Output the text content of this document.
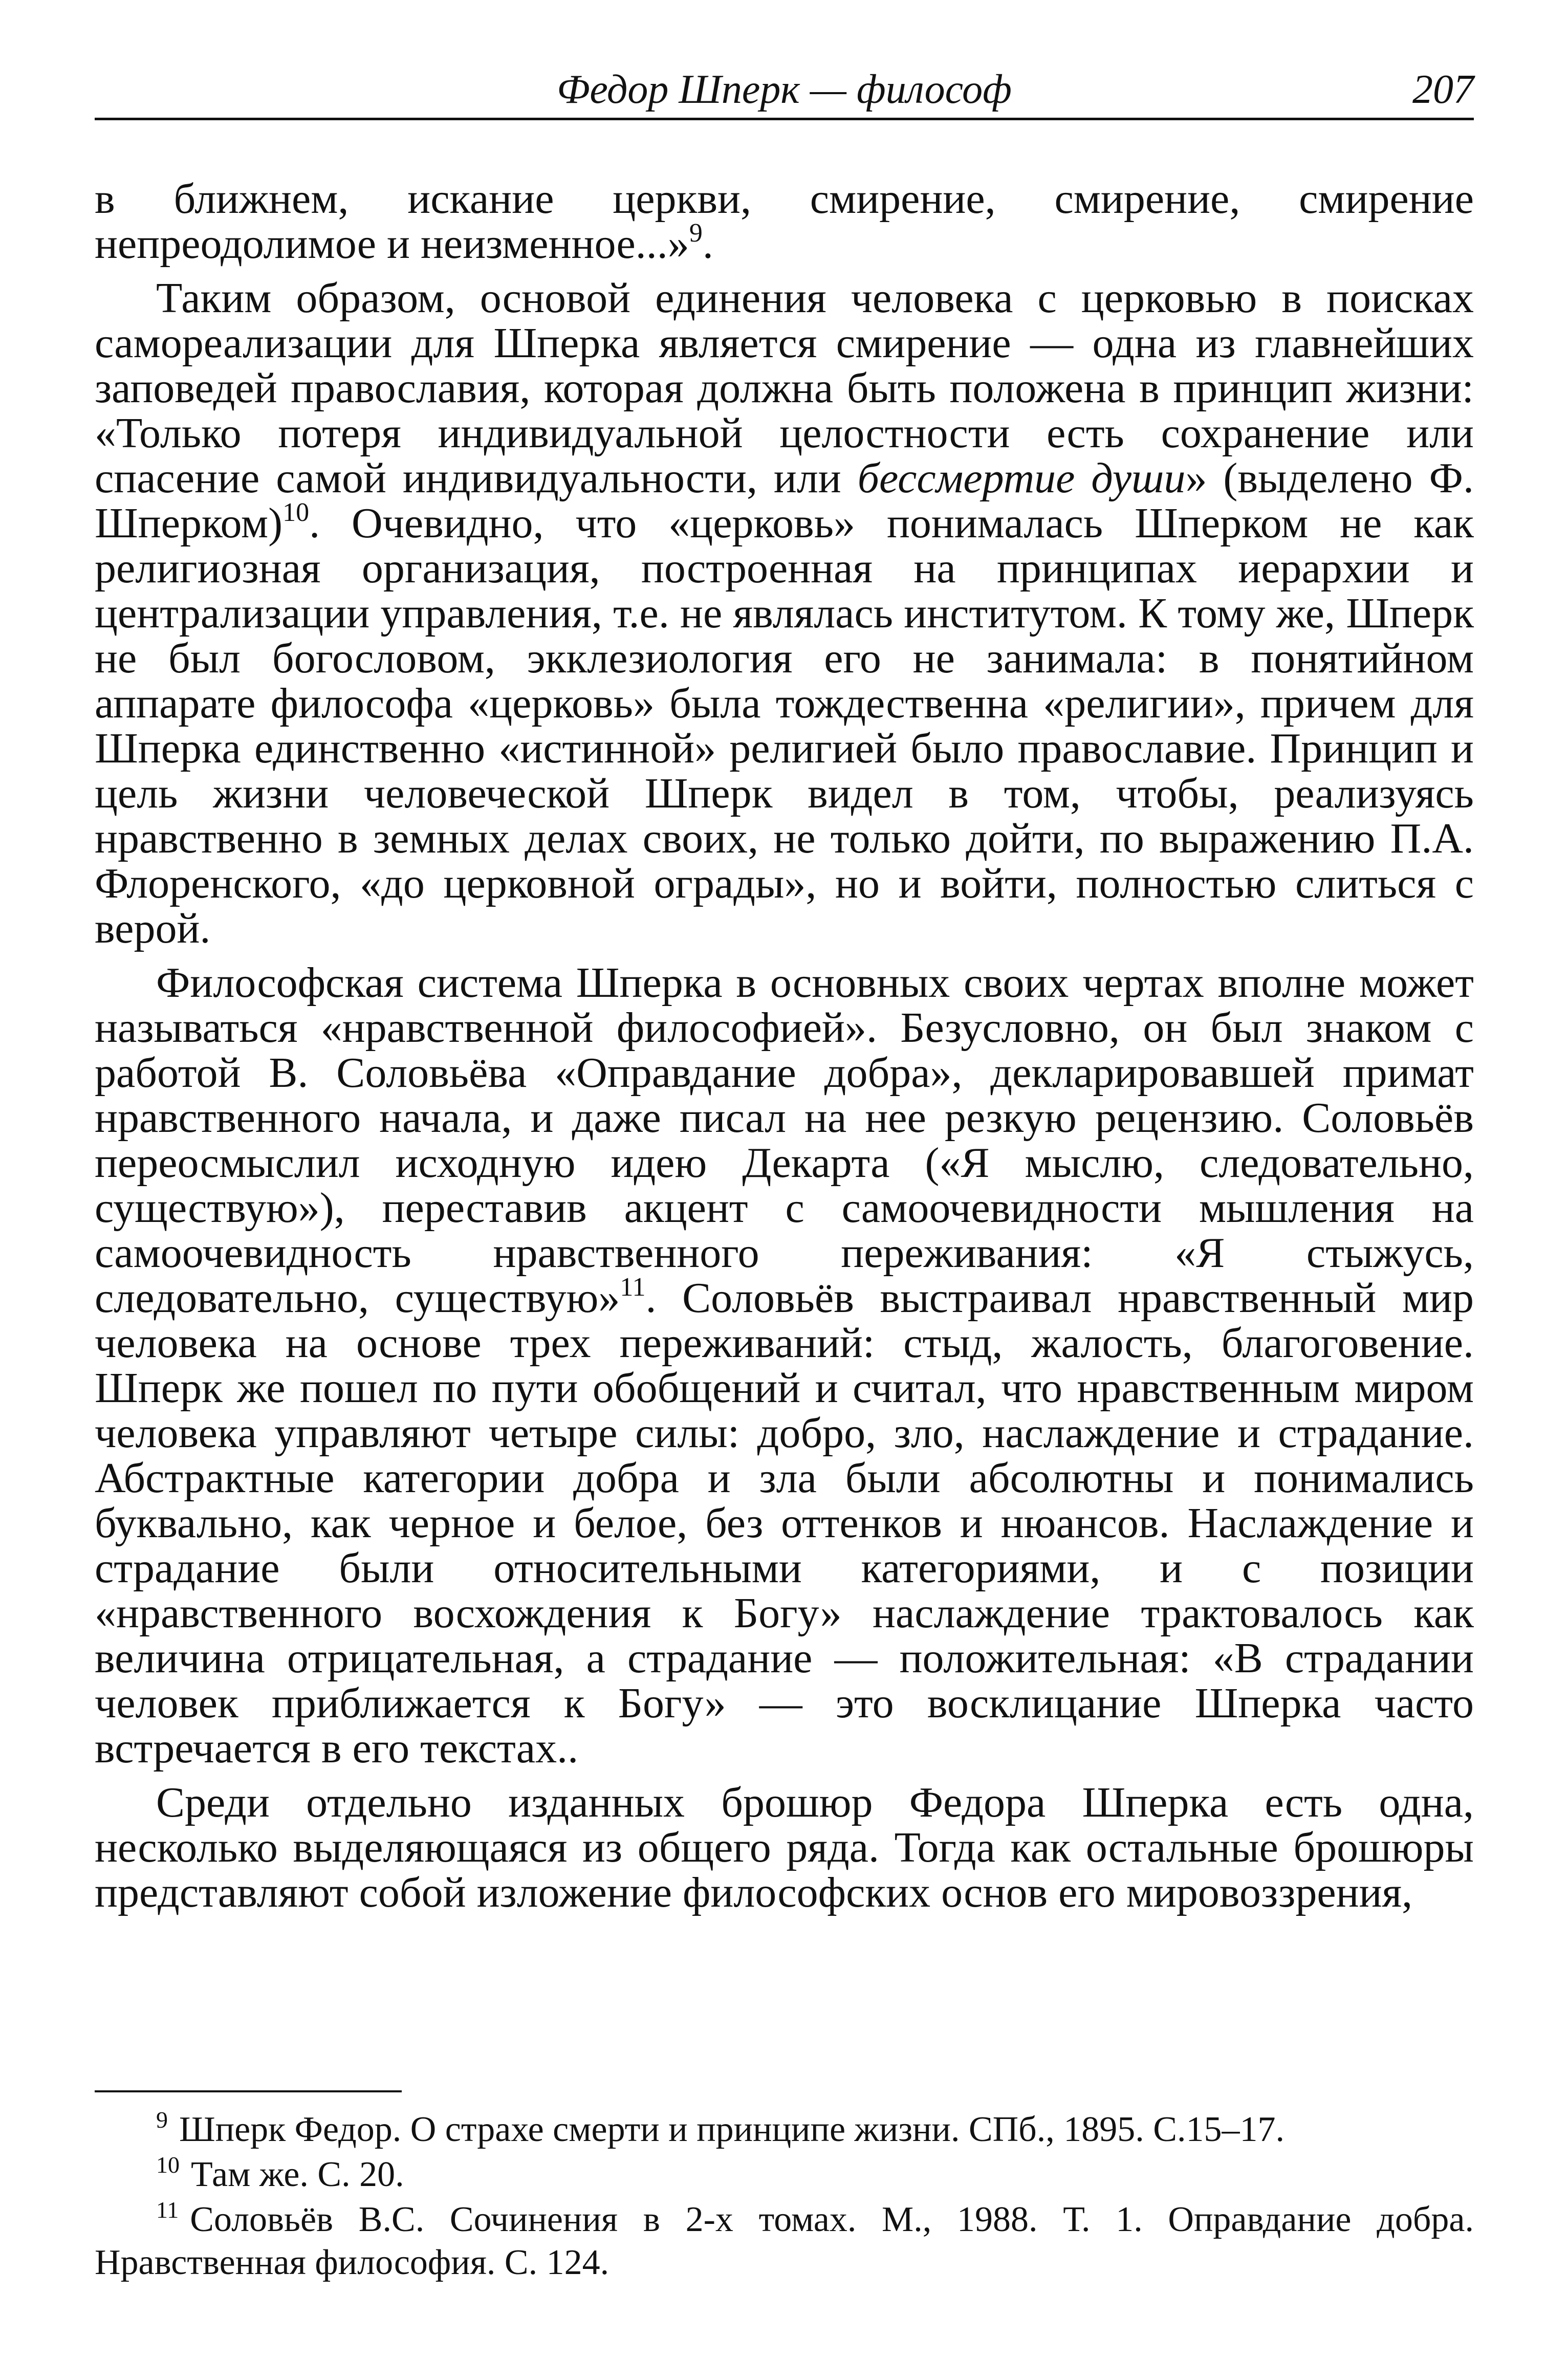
Федор Шперк — философ	207

в ближнем, искание церкви, смирение, смирение, смирение непреодолимое и неизменное...»$^9$.

Таким образом, основой единения человека с церковью в поисках самореализации для Шперка является смирение — одна из главнейших заповедей православия, которая должна быть положена в принцип жизни: «Только потеря индивидуальной целостности есть сохранение или спасение самой индивидуальности, или бессмертие души» (выделено Ф. Шперком)$^{10}$. Очевидно, что «церковь» понималась Шперком не как религиозная организация, построенная на принципах иерархии и централизации управления, т.е. не являлась институтом. К тому же, Шперк не был богословом, экклезиология его не занимала: в понятийном аппарате философа «церковь» была тождественна «религии», причем для Шперка единственно «истинной» религией было православие. Принцип и цель жизни человеческой Шперк видел в том, чтобы, реализуясь нравственно в земных делах своих, не только дойти, по выражению П.А. Флоренского, «до церковной ограды», но и войти, полностью слиться с верой.

Философская система Шперка в основных своих чертах вполне может называться «нравственной философией». Безусловно, он был знаком с работой В. Соловьёва «Оправдание добра», декларировавшей примат нравственного начала, и даже писал на нее резкую рецензию. Соловьёв переосмыслил исходную идею Декарта («Я мыслю, следовательно, существую»), переставив акцент с самоочевидности мышления на самоочевидность нравственного переживания: «Я стыжусь, следовательно, существую»$^{11}$. Соловьёв выстраивал нравственный мир человека на основе трех переживаний: стыд, жалость, благоговение. Шперк же пошел по пути обобщений и считал, что нравственным миром человека управляют четыре силы: добро, зло, наслаждение и страдание. Абстрактные категории добра и зла были абсолютны и понимались буквально, как черное и белое, без оттенков и нюансов. Наслаждение и страдание были относительными категориями, и с позиции «нравственного восхождения к Богу» наслаждение трактовалось как величина отрицательная, а страдание — положительная: «В страдании человек приближается к Богу» — это восклицание Шперка часто встречается в его текстах..

Среди отдельно изданных брошюр Федора Шперка есть одна, несколько выделяющаяся из общего ряда. Тогда как остальные брошюры представляют собой изложение философских основ его мировоззрения,

$^9$ Шперк Федор. О страхе смерти и принципе жизни. СПб., 1895. С.15–17.

$^{10}$ Там же. С. 20.

$^{11}$ Соловьёв В.С. Сочинения в 2-х томах. М., 1988. Т. 1. Оправдание добра. Нравственная философия. С. 124.
